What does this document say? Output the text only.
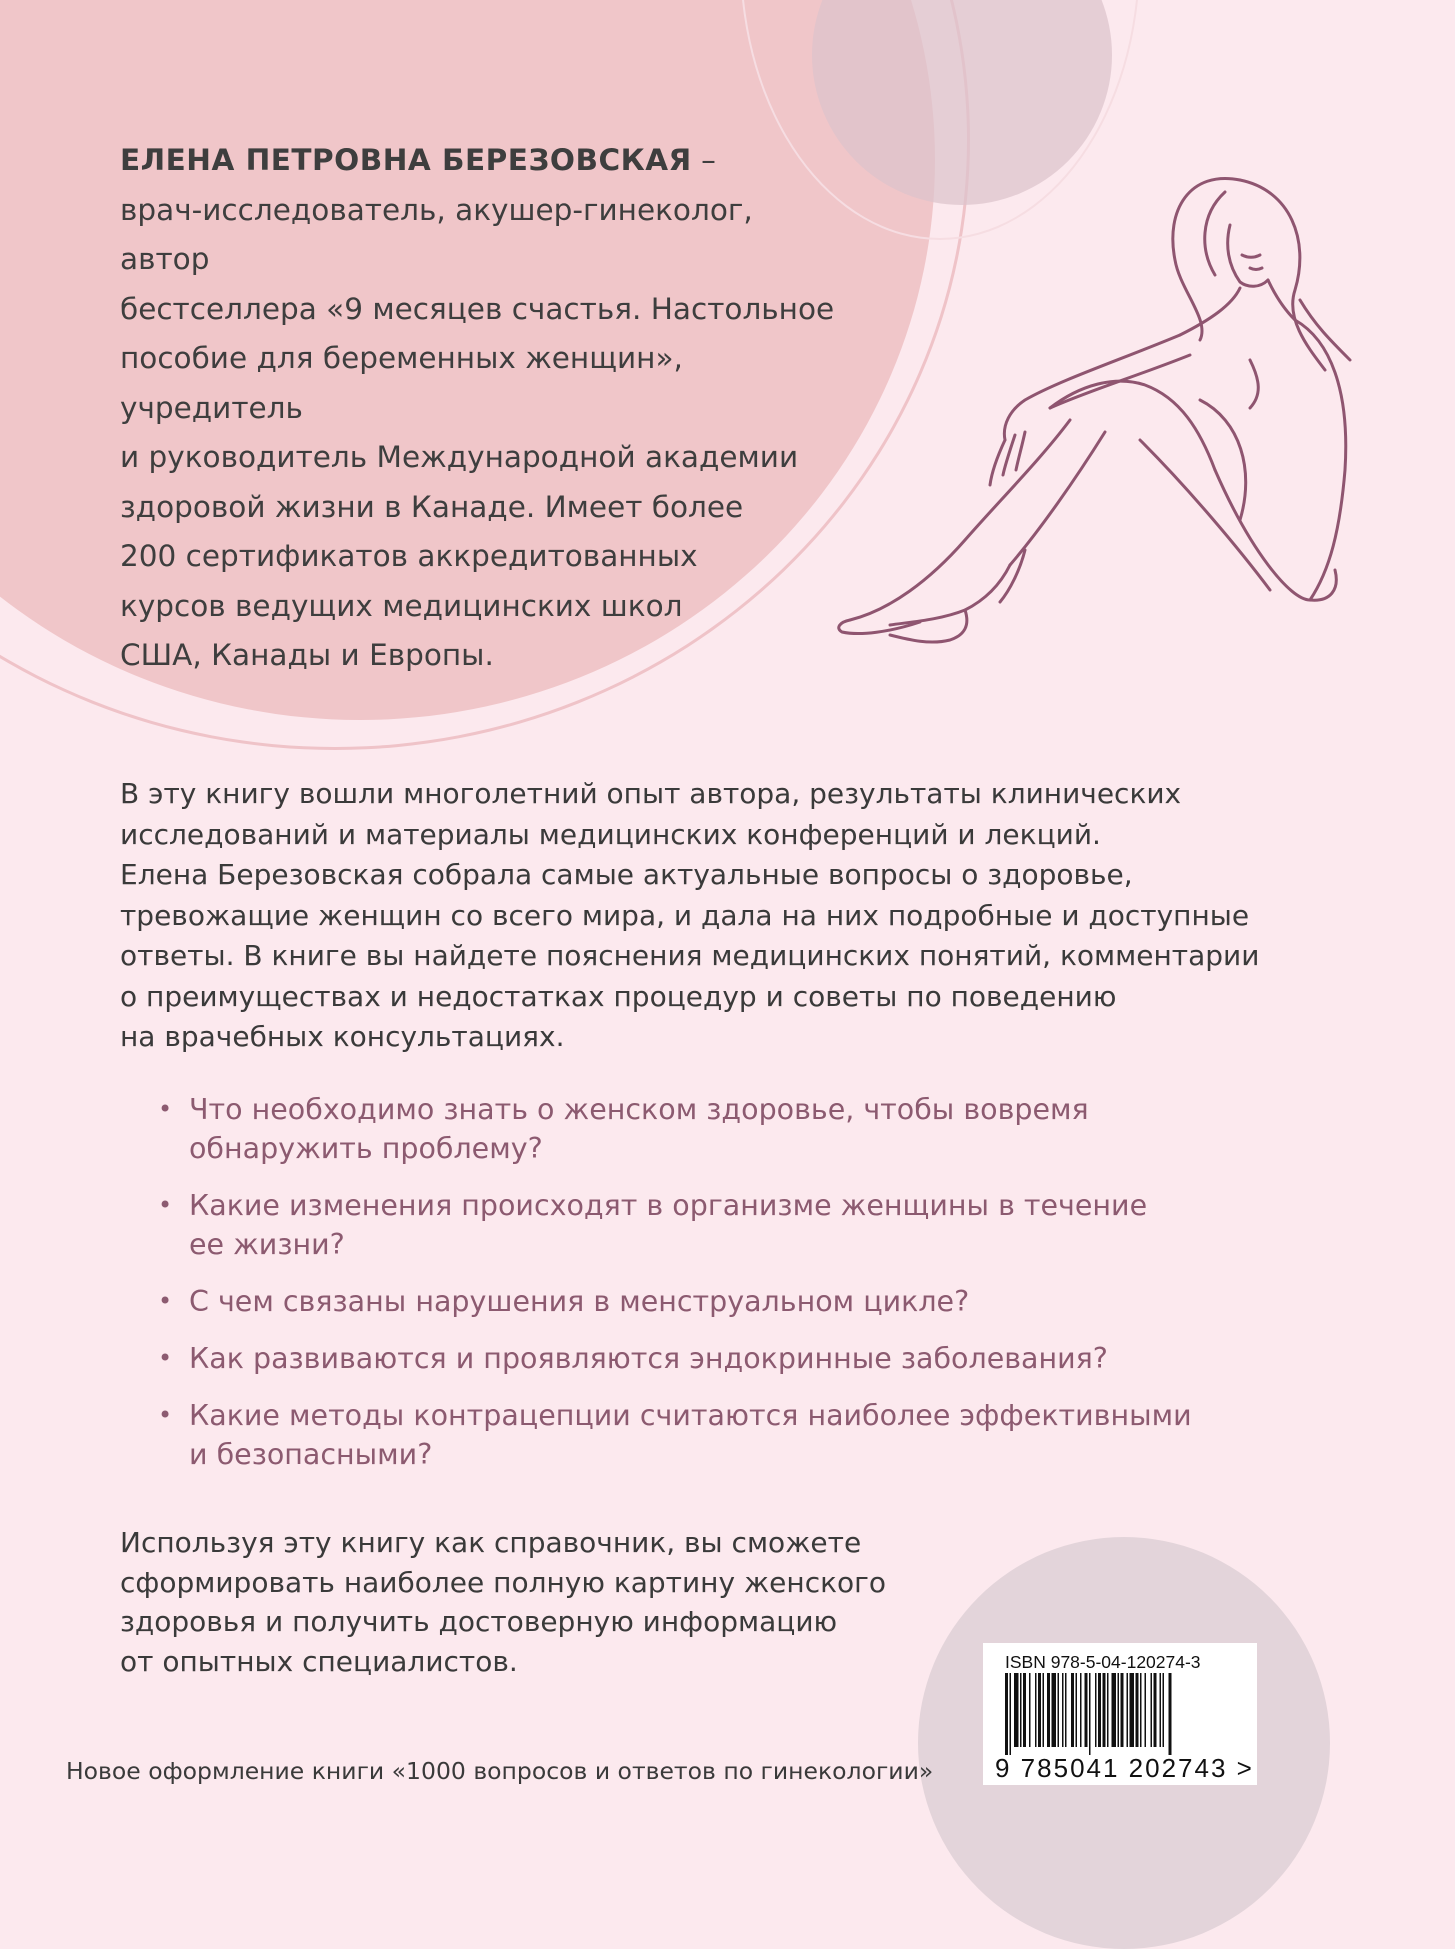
ЕЛЕНА ПЕТРОВНА БЕРЕЗОВСКАЯ –
врач-исследователь, акушер-гинеколог, автор
бестселлера «9 месяцев счастья. Настольное
пособие для беременных женщин», учредитель
и руководитель Международной академии
здоровой жизни в Канаде. Имеет более
200 сертификатов аккредитованных
курсов ведущих медицинских школ
США, Канады и Европы.
В эту книгу вошли многолетний опыт автора, результаты клинических
исследований и материалы медицинских конференций и лекций.
Елена Березовская собрала самые актуальные вопросы о здоровье,
тревожащие женщин со всего мира, и дала на них подробные и доступные
ответы. В книге вы найдете пояснения медицинских понятий, комментарии
о преимуществах и недостатках процедур и советы по поведению
на врачебных консультациях.
• Что необходимо знать о женском здоровье, чтобы вовремя
обнаружить проблему?
• Какие изменения происходят в организме женщины в течение
ее жизни?
• С чем связаны нарушения в менструальном цикле?
• Как развиваются и проявляются эндокринные заболевания?
• Какие методы контрацепции считаются наиболее эффективными
и безопасными?
Используя эту книгу как справочник, вы сможете
сформировать наиболее полную картину женского
здоровья и получить достоверную информацию
от опытных специалистов.	ISBN 978-5-04-120274-3
9 785041 202743 >
Новое оформление книги «1000 вопросов и ответов по гинекологии»
